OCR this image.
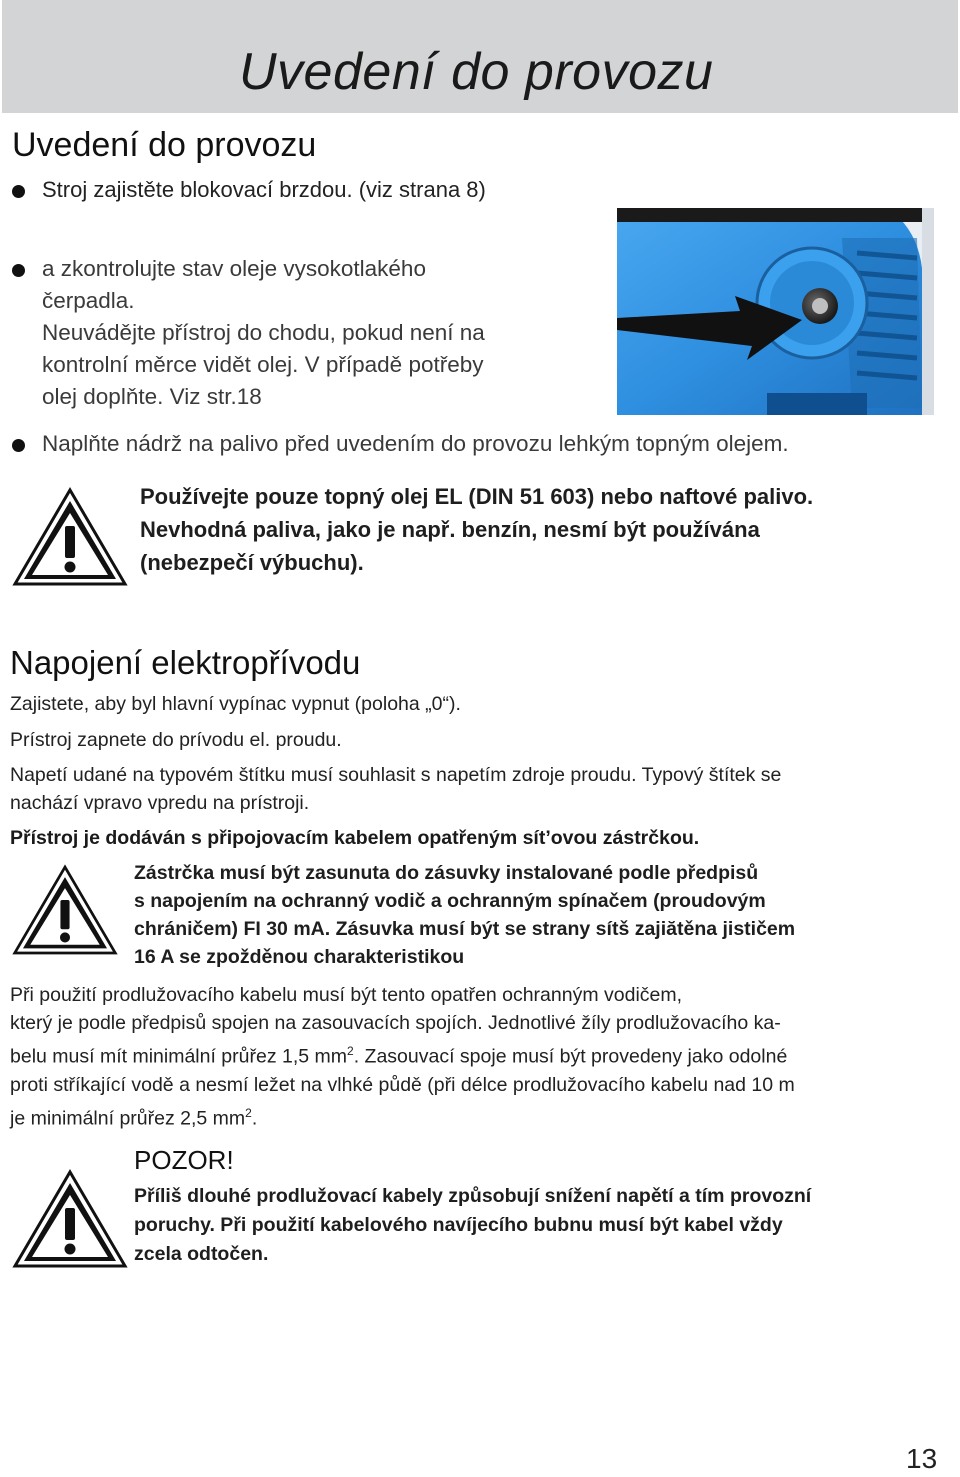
Uvedení do provozu
Uvedení do provozu
Stroj zajistěte blokovací brzdou. (viz strana 8)
a zkontrolujte stav oleje vysokotlakého
čerpadla.
Neuvádějte přístroj do chodu, pokud není na
kontrolní měrce vidět olej. V případě potřeby
olej doplňte. Viz str.18
Naplňte nádrž na palivo před uvedením do provozu lehkým topným olejem.
Používejte pouze topný olej EL (DIN 51 603) nebo naftové palivo.
Nevhodná paliva, jako je např. benzín, nesmí být používána
(nebezpečí výbuchu).
Napojení elektropřívodu

Zajistete, aby byl hlavní vypínac vypnut (poloha „0“).

Prístroj zapnete do prívodu el. proudu.

Napetí udané na typovém štítku musí souhlasit s napetím zdroje proudu. Typový štítek se
nachází vpravo vpredu na prístroji.

Přístroj je dodáván s připojovacím kabelem opatřeným sít’ovou zástrčkou.

Zástrčka musí být zasunuta do zásuvky instalované podle předpisů
s napojením na ochranný vodič a ochranným spínačem (proudovým
chráničem) FI 30 mA. Zásuvka musí být se strany sítš zajiătěna jističem
16 A se zpožděnou charakteristikou
Při použití prodlužovacího kabelu musí být tento opatřen ochranným vodičem,
který je podle předpisů spojen na zasouvacích spojích. Jednotlivé žíly prodlužovacího ka-
belu musí mít minimální průřez 1,5 $mm^2$. Zasouvací spoje musí být provedeny jako odolné
proti stříkající vodě a nesmí ležet na vlhké půdě (při délce prodlužovacího kabelu nad 10 m
je minimální průřez 2,5 $mm^2$.
POZOR!
Příliš dlouhé prodlužovací kabely způsobují snížení napětí a tím provozní
poruchy. Při použití kabelového navíjecího bubnu musí být kabel vždy
zcela odtočen.
13
